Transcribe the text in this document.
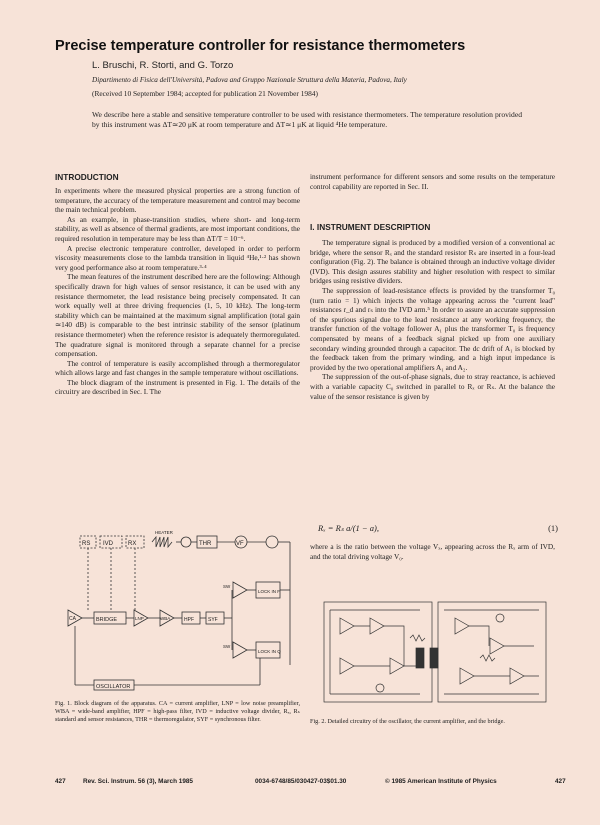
Precise temperature controller for resistance thermometers
L. Bruschi, R. Storti, and G. Torzo
Dipartimento di Fisica dell'Università, Padova and Gruppo Nazionale Struttura della Materia, Padova, Italy
(Received 10 September 1984; accepted for publication 21 November 1984)
We describe here a stable and sensitive temperature controller to be used with resistance thermometers. The temperature resolution provided by this instrument was ΔT≃20 μK at room temperature and ΔT≃1 μK at liquid ⁴He temperature.
INTRODUCTION

In experiments where the measured physical properties are a strong function of temperature, the accuracy of the temperature measurement and control may become the main technical problem.

As an example, in phase-transition studies, where short- and long-term stability, as well as absence of thermal gradients, are most important conditions, the required resolution in temperature may be less than ΔT/T = 10⁻⁶.

A precise electronic temperature controller, developed in order to perform viscosity measurements close to the lambda transition in liquid ⁴He,¹·² has shown very good performance also at room temperature.³·⁴

The mean features of the instrument described here are the following: Although specifically drawn for high values of sensor resistance, it can be used with any resistance thermometer, the lead resistance being precisely compensated. It can work equally well at three driving frequencies (1, 5, 10 kHz). The long-term stability which can be maintained at the maximum signal amplification (total gain ≃140 dB) is comparable to the best intrinsic stability of the sensor (platinum resistance thermometer) when the reference resistor is adequately thermoregulated. The quadrature signal is monitored through a separate channel for a precise compensation.

The control of temperature is easily accomplished through a thermoregulator which allows large and fast changes in the sample temperature without oscillations.

The block diagram of the instrument is presented in Fig. 1. The details of the circuitry are described in Sec. I. The

instrument performance for different sensors and some results on the temperature control capability are reported in Sec. II.

I. INSTRUMENT DESCRIPTION

The temperature signal is produced by a modified version of a conventional ac bridge, where the sensor Rₓ and the standard resistor Rₛ are inserted in a four-lead configuration (Fig. 2). The balance is obtained through an inductive voltage divider (IVD). This design assures stability and higher resolution with respect to similar bridges using resistive dividers.

The suppression of lead-resistance effects is provided by the transformer T₀ (turn ratio = 1) which injects the voltage appearing across the "current lead" resistances r_d and rₛ into the IVD arm.⁵ In order to assure an accurate suppression of the spurious signal due to the lead resistance at any working frequency, the transfer function of the voltage follower A₁ plus the transformer T₀ is frequency compensated by means of a feedback signal picked up from one auxiliary secondary winding grounded through a capacitor. The dc drift of A₁ is blocked by the feedback taken from the primary winding, and a high input impedance is provided by the two operational amplifiers A₁ and A₂.

The suppression of the out-of-phase signals, due to stray reactance, is achieved with a variable capacity C₀ switched in parallel to Rₓ or Rₛ. At the balance the value of the sensor resistance is given by

Rₓ = Rₛ a/(1 − a),	(1)

where a is the ratio between the voltage Vₓ, appearing across the Rₓ arm of IVD, and the total driving voltage V₀.

RS IVD RX
HEATER
THR	VF
CA	BRIDGE	LNP	WBA	HPF	SYF
SW
SW
LOCK IN F
LOCK IN Q
OSCILLATOR
Fig. 1. Block diagram of the apparatus. CA = current amplifier, LNP = low noise preamplifier, WBA = wide-band amplifier, HPF = high-pass filter, IVD = inductive voltage divider, Rₓ, Rₛ standard and sensor resistances, THR = thermoregulator, SYF = synchronous filter.	Fig. 2. Detailed circuitry of the oscillator, the current amplifier, and the bridge.
427	Rev. Sci. Instrum. 56 (3), March 1985	0034-6748/85/030427-03$01.30	© 1985 American Institute of Physics	427
